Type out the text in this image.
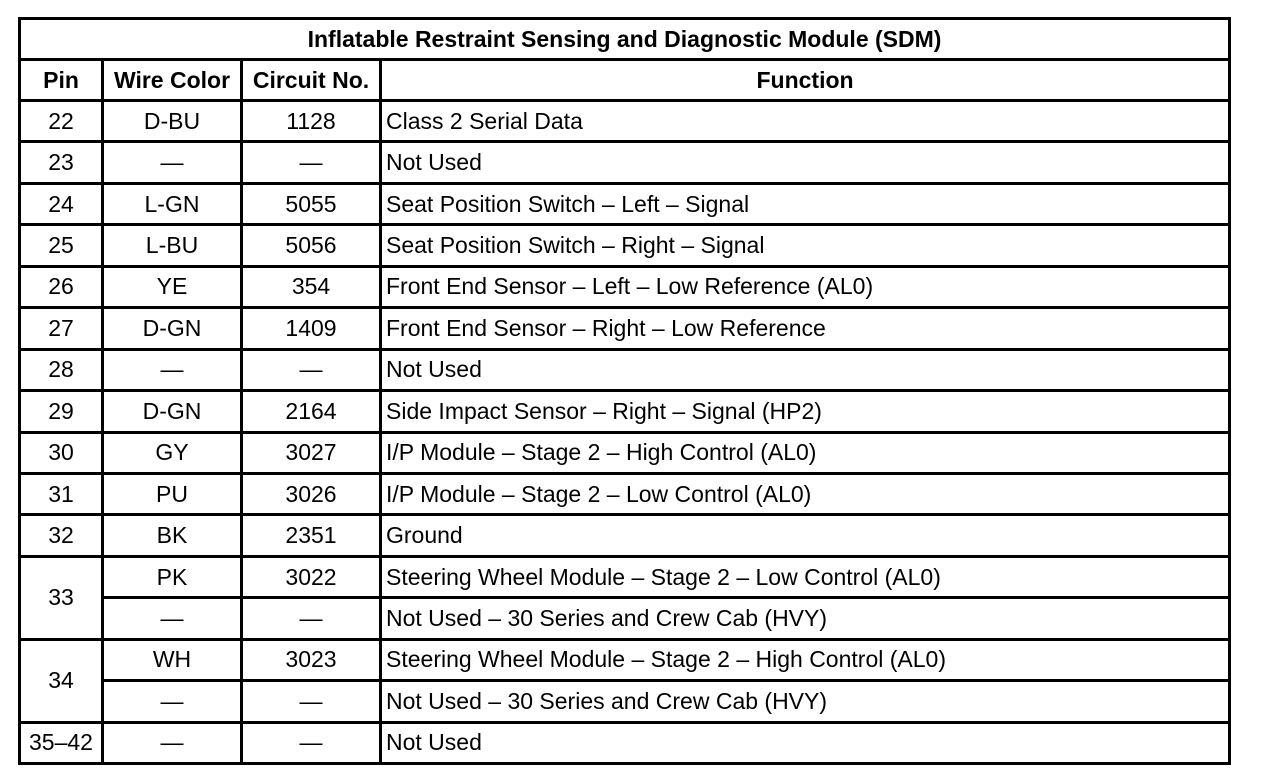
Inflatable Restraint Sensing and Diagnostic Module (SDM)			
Pin	Wire Color	Circuit No.	Function
22	D-BU	1128	Class 2 Serial Data
23	—	—	Not Used
24	L-GN	5055	Seat Position Switch – Left – Signal
25	L-BU	5056	Seat Position Switch – Right – Signal
26	YE	354	Front End Sensor – Left – Low Reference (AL0)
27	D-GN	1409	Front End Sensor – Right – Low Reference
28	—	—	Not Used
29	D-GN	2164	Side Impact Sensor – Right – Signal (HP2)
30	GY	3027	I/P Module – Stage 2 – High Control (AL0)
31	PU	3026	I/P Module – Stage 2 – Low Control (AL0)
32	BK	2351	Ground
33	PK	3022	Steering Wheel Module – Stage 2 – Low Control (AL0)
	—	—	Not Used – 30 Series and Crew Cab (HVY)
34	WH	3023	Steering Wheel Module – Stage 2 – High Control (AL0)
	—	—	Not Used – 30 Series and Crew Cab (HVY)
35–42	—	—	Not Used
